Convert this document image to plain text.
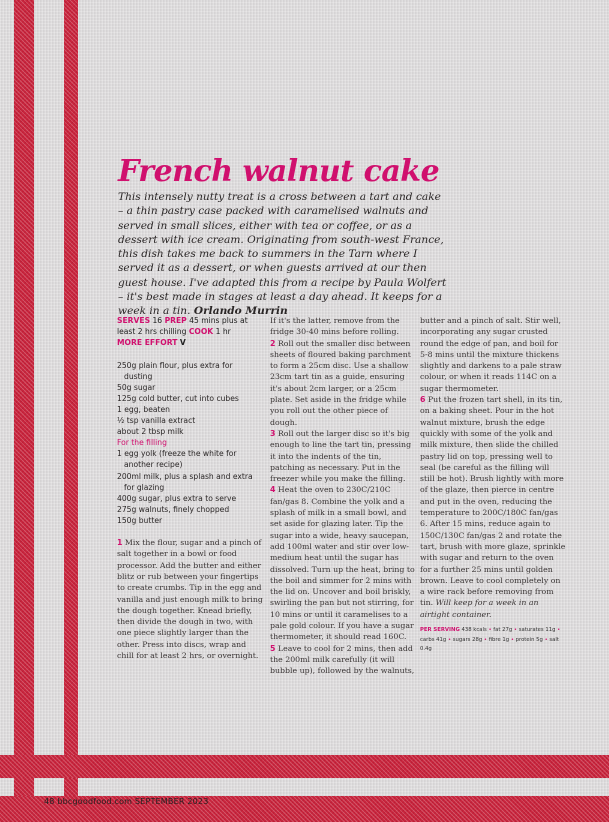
French walnut cake

This intensely nutty treat is a cross between a tart and cake – a thin pastry case packed with caramelised walnuts and served in small slices, either with tea or coffee, or as a dessert with ice cream. Originating from south-west France, this dish takes me back to summers in the Tarn where I served it as a dessert, or when guests arrived at our then guest house. I've adapted this from a recipe by Paula Wolfert – it's best made in stages at least a day ahead. It keeps for a week in a tin. Orlando Murrin

SERVES 16 PREP 45 mins plus at least 2 hrs chilling COOK 1 hr
MORE EFFORT V
250g plain flour, plus extra for dusting
50g sugar
125g cold butter, cut into cubes
1 egg, beaten
½ tsp vanilla extract
about 2 tbsp milk
For the filling
1 egg yolk (freeze the white for another recipe)
200ml milk, plus a splash and extra for glazing
400g sugar, plus extra to serve
275g walnuts, finely chopped
150g butter

1 Mix the flour, sugar and a pinch of salt together in a bowl or food processor. Add the butter and either blitz or rub between your fingertips to create crumbs. Tip in the egg and vanilla and just enough milk to bring the dough together. Knead briefly, then divide the dough in two, with one piece slightly larger than the other. Press into discs, wrap and chill for at least 2 hrs, or overnight.

If it's the latter, remove from the fridge 30-40 mins before rolling.

2 Roll out the smaller disc between sheets of floured baking parchment to form a 25cm disc. Use a shallow 23cm tart tin as a guide, ensuring it's about 2cm larger, or a 25cm plate. Set aside in the fridge while you roll out the other piece of dough.

3 Roll out the larger disc so it's big enough to line the tart tin, pressing it into the indents of the tin, patching as necessary. Put in the freezer while you make the filling.

4 Heat the oven to 230C/210C fan/gas 8. Combine the yolk and a splash of milk in a small bowl, and set aside for glazing later. Tip the sugar into a wide, heavy saucepan, add 100ml water and stir over low-medium heat until the sugar has dissolved. Turn up the heat, bring to the boil and simmer for 2 mins with the lid on. Uncover and boil briskly, swirling the pan but not stirring, for 10 mins or until it caramelises to a pale gold colour. If you have a sugar thermometer, it should read 160C.

5 Leave to cool for 2 mins, then add the 200ml milk carefully (it will bubble up), followed by the walnuts,

butter and a pinch of salt. Stir well, incorporating any sugar crusted round the edge of pan, and boil for 5-8 mins until the mixture thickens slightly and darkens to a pale straw colour, or when it reads 114C on a sugar thermometer.

6 Put the frozen tart shell, in its tin, on a baking sheet. Pour in the hot walnut mixture, brush the edge quickly with some of the yolk and milk mixture, then slide the chilled pastry lid on top, pressing well to seal (be careful as the filling will still be hot). Brush lightly with more of the glaze, then pierce in centre and put in the oven, reducing the temperature to 200C/180C fan/gas 6. After 15 mins, reduce again to 150C/130C fan/gas 2 and rotate the tart, brush with more glaze, sprinkle with sugar and return to the oven for a further 25 mins until golden brown. Leave to cool completely on a wire rack before removing from tin. Will keep for a week in an airtight container.

PER SERVING 438 kcals • fat 27g • saturates 11g • carbs 41g • sugars 28g • fibre 1g • protein 5g • salt 0.4g
48 bbcgoodfood.com SEPTEMBER 2023
